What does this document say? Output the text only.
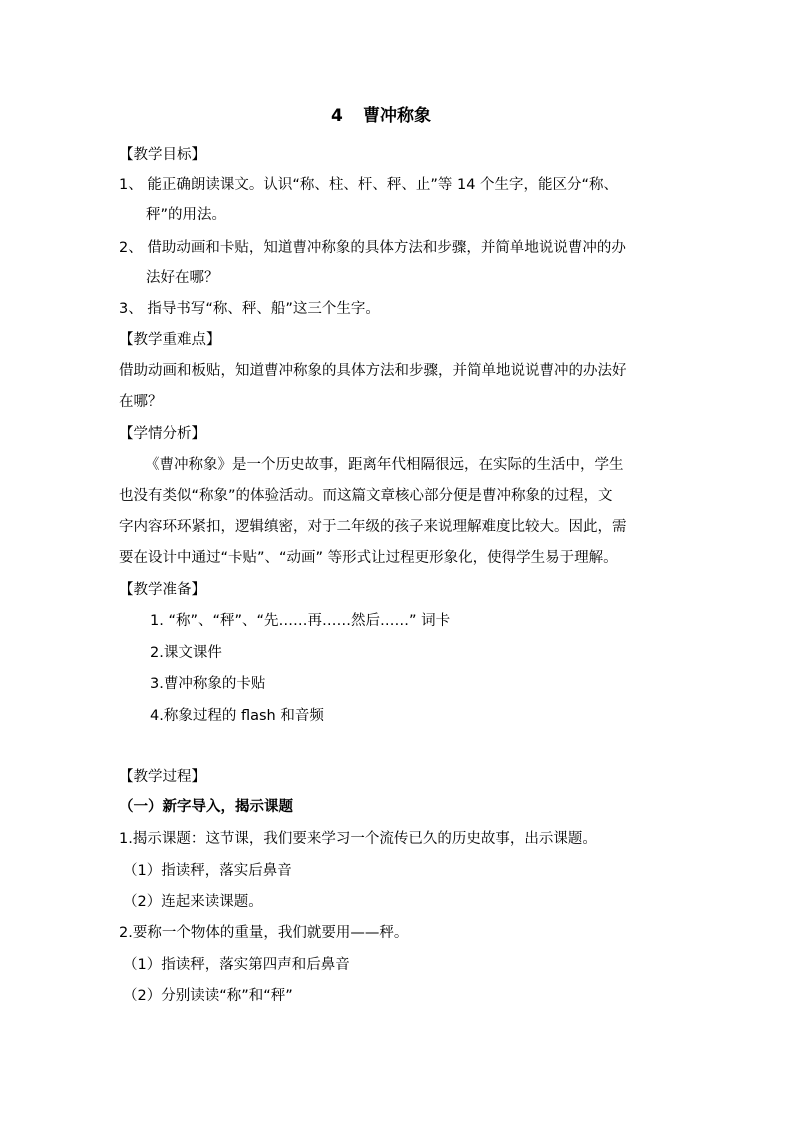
4 曹冲称象
【教学目标】
1、 能正确朗读课文。认识“称、柱、杆、秤、止”等 14 个生字，能区分“称、
秤”的用法。
2、 借助动画和卡贴，知道曹冲称象的具体方法和步骤，并简单地说说曹冲的办
法好在哪？
3、 指导书写“称、秤、船”这三个生字。
【教学重难点】
借助动画和板贴，知道曹冲称象的具体方法和步骤，并简单地说说曹冲的办法好
在哪？
【学情分析】
《曹冲称象》是一个历史故事，距离年代相隔很远，在实际的生活中，学生
也没有类似“称象”的体验活动。而这篇文章核心部分便是曹冲称象的过程，文
字内容环环紧扣，逻辑缜密，对于二年级的孩子来说理解难度比较大。因此，需
要在设计中通过“卡贴”、“动画” 等形式让过程更形象化，使得学生易于理解。
【教学准备】
1. “称”、“秤”、“先……再……然后……” 词卡
2.课文课件
3.曹冲称象的卡贴
4.称象过程的 flash 和音频
【教学过程】
（一）新字导入，揭示课题
1.揭示课题：这节课，我们要来学习一个流传已久的历史故事，出示课题。
（1）指读秤，落实后鼻音
（2）连起来读课题。
2.要称一个物体的重量，我们就要用——秤。
（1）指读秤，落实第四声和后鼻音
（2）分别读读“称”和“秤”
